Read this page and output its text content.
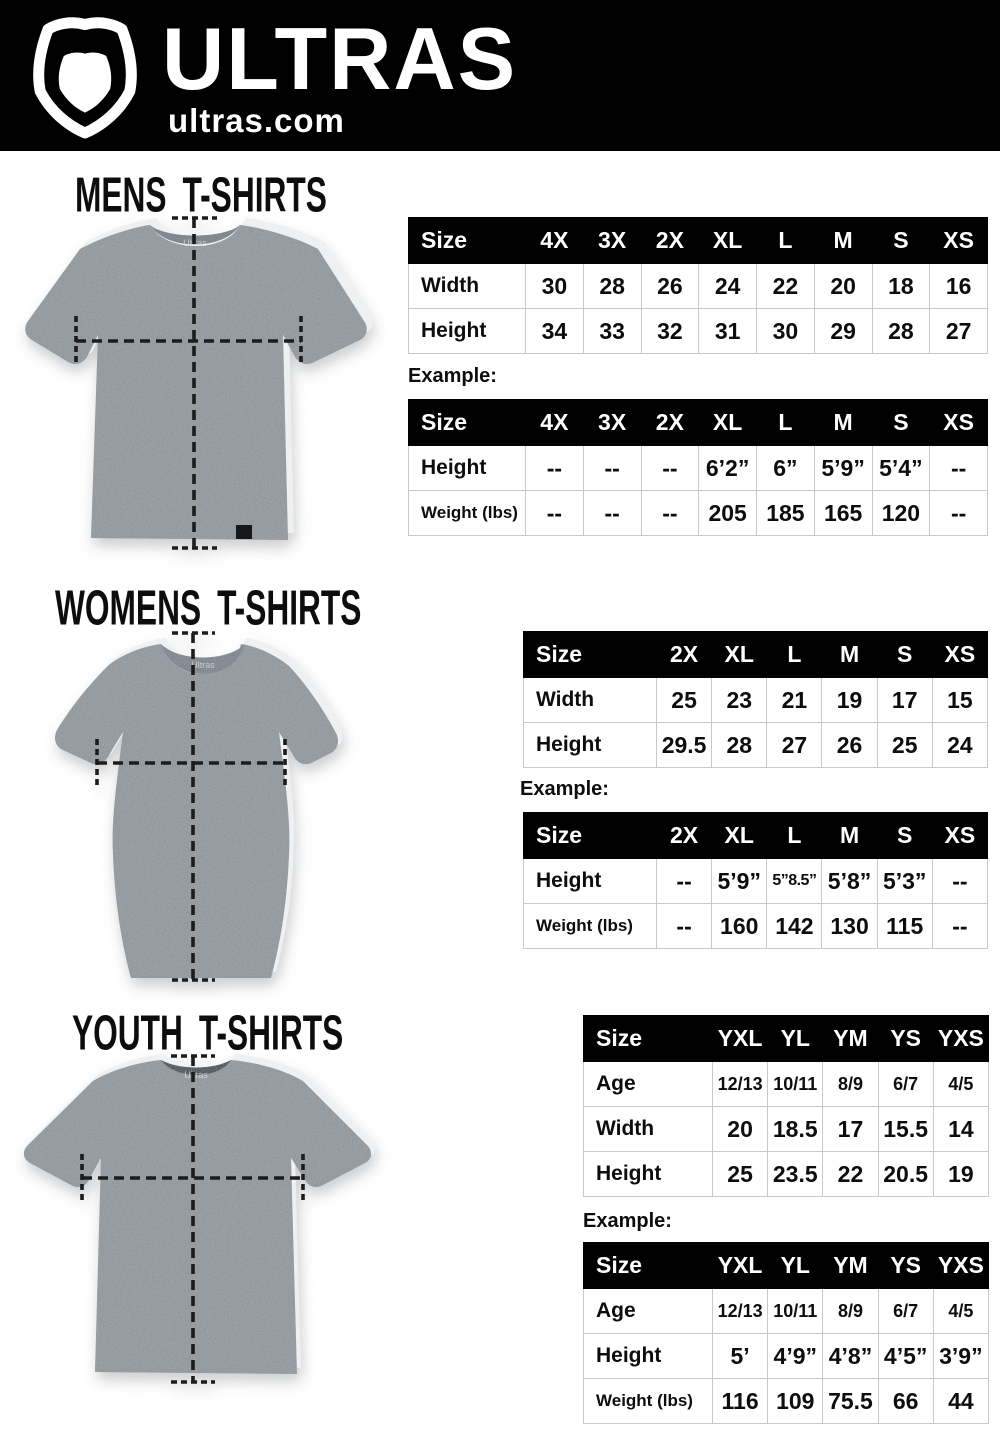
ULTRAS
ultras.com
MENS T-SHIRTS
Ultras	Size	4X	3X	2X	XL	L	M	S	XS
Width	30	28	26	24	22	20	18	16
Height	34	33	32	31	30	29	28	27
Example:
Size	4X	3X	2X	XL	L	M	S	XS
Height	--	--	--	6’2”	6”	5’9”	5’4”	--
Weight (lbs)	--	--	--	205	185	165	120	--
WOMENS T-SHIRTS
Ultras	Size	2X	XL	L	M	S	XS
Width	25	23	21	19	17	15
Height	29.5	28	27	26	25	24
Example:
Size	2X	XL	L	M	S	XS
Height	--	5’9”	5”8.5”	5’8”	5’3”	--
Weight (lbs)	--	160	142	130	115	--
YOUTH T-SHIRTS
Ultras
Size	YXL	YL	YM	YS	YXS
Age	12/13	10/11	8/9	6/7	4/5
Width	20	18.5	17	15.5	14
Height	25	23.5	22	20.5	19
Example:
Size	YXL	YL	YM	YS	YXS
Age	12/13	10/11	8/9	6/7	4/5
Height	5’	4’9”	4’8”	4’5”	3’9”
Weight (lbs)	116	109	75.5	66	44
